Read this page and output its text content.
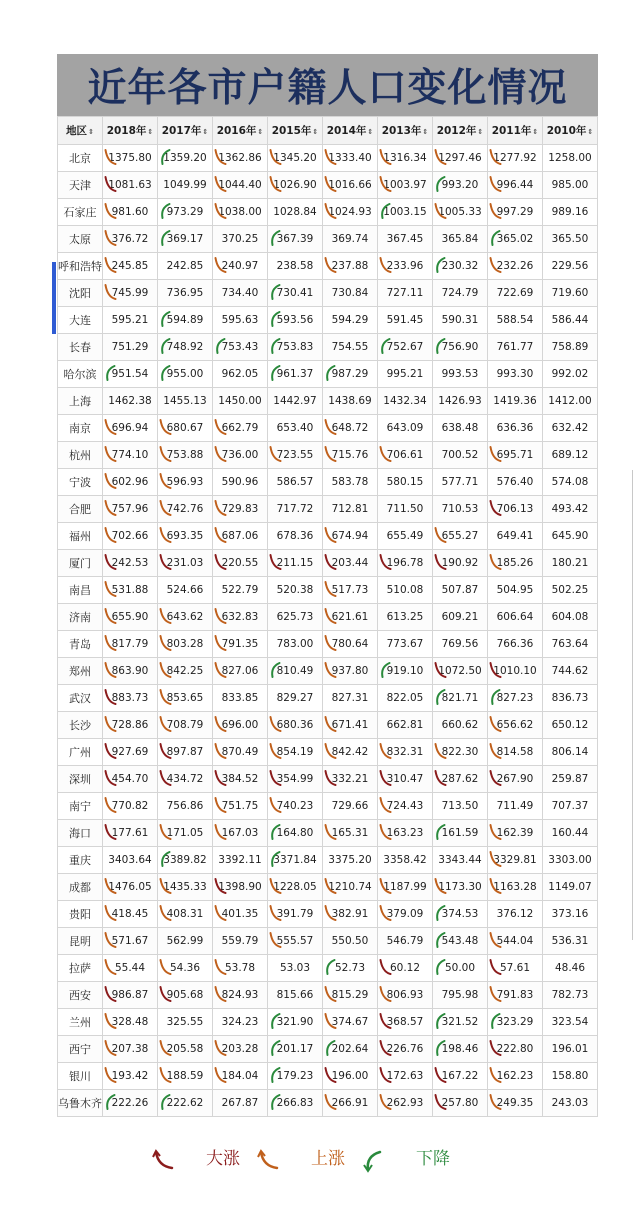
近年各市户籍人口变化情况
地区⇕	2018年⇕	2017年⇕	2016年⇕	2015年⇕	2014年⇕	2013年⇕	2012年⇕	2011年⇕	2010年⇕
北京	1375.80	1359.20	1362.86	1345.20	1333.40	1316.34	1297.46	1277.92	1258.00
天津	1081.63	1049.99	1044.40	1026.90	1016.66	1003.97	993.20	996.44	985.00
石家庄	981.60	973.29	1038.00	1028.84	1024.93	1003.15	1005.33	997.29	989.16
太原	376.72	369.17	370.25	367.39	369.74	367.45	365.84	365.02	365.50
呼和浩特	245.85	242.85	240.97	238.58	237.88	233.96	230.32	232.26	229.56
沈阳	745.99	736.95	734.40	730.41	730.84	727.11	724.79	722.69	719.60
大连	595.21	594.89	595.63	593.56	594.29	591.45	590.31	588.54	586.44
长春	751.29	748.92	753.43	753.83	754.55	752.67	756.90	761.77	758.89
哈尔滨	951.54	955.00	962.05	961.37	987.29	995.21	993.53	993.30	992.02
上海	1462.38	1455.13	1450.00	1442.97	1438.69	1432.34	1426.93	1419.36	1412.00
南京	696.94	680.67	662.79	653.40	648.72	643.09	638.48	636.36	632.42
杭州	774.10	753.88	736.00	723.55	715.76	706.61	700.52	695.71	689.12
宁波	602.96	596.93	590.96	586.57	583.78	580.15	577.71	576.40	574.08
合肥	757.96	742.76	729.83	717.72	712.81	711.50	710.53	706.13	493.42
福州	702.66	693.35	687.06	678.36	674.94	655.49	655.27	649.41	645.90
厦门	242.53	231.03	220.55	211.15	203.44	196.78	190.92	185.26	180.21
南昌	531.88	524.66	522.79	520.38	517.73	510.08	507.87	504.95	502.25
济南	655.90	643.62	632.83	625.73	621.61	613.25	609.21	606.64	604.08
青岛	817.79	803.28	791.35	783.00	780.64	773.67	769.56	766.36	763.64
郑州	863.90	842.25	827.06	810.49	937.80	919.10	1072.50	1010.10	744.62
武汉	883.73	853.65	833.85	829.27	827.31	822.05	821.71	827.23	836.73
长沙	728.86	708.79	696.00	680.36	671.41	662.81	660.62	656.62	650.12
广州	927.69	897.87	870.49	854.19	842.42	832.31	822.30	814.58	806.14
深圳	454.70	434.72	384.52	354.99	332.21	310.47	287.62	267.90	259.87
南宁	770.82	756.86	751.75	740.23	729.66	724.43	713.50	711.49	707.37
海口	177.61	171.05	167.03	164.80	165.31	163.23	161.59	162.39	160.44
重庆	3403.64	3389.82	3392.11	3371.84	3375.20	3358.42	3343.44	3329.81	3303.00
成都	1476.05	1435.33	1398.90	1228.05	1210.74	1187.99	1173.30	1163.28	1149.07
贵阳	418.45	408.31	401.35	391.79	382.91	379.09	374.53	376.12	373.16
昆明	571.67	562.99	559.79	555.57	550.50	546.79	543.48	544.04	536.31
拉萨	55.44	54.36	53.78	53.03	52.73	60.12	50.00	57.61	48.46
西安	986.87	905.68	824.93	815.66	815.29	806.93	795.98	791.83	782.73
兰州	328.48	325.55	324.23	321.90	374.67	368.57	321.52	323.29	323.54
西宁	207.38	205.58	203.28	201.17	202.64	226.76	198.46	222.80	196.01
银川	193.42	188.59	184.04	179.23	196.00	172.63	167.22	162.23	158.80
乌鲁木齐	222.26	222.62	267.87	266.83	266.91	262.93	257.80	249.35	243.03
大涨	上涨	下降
